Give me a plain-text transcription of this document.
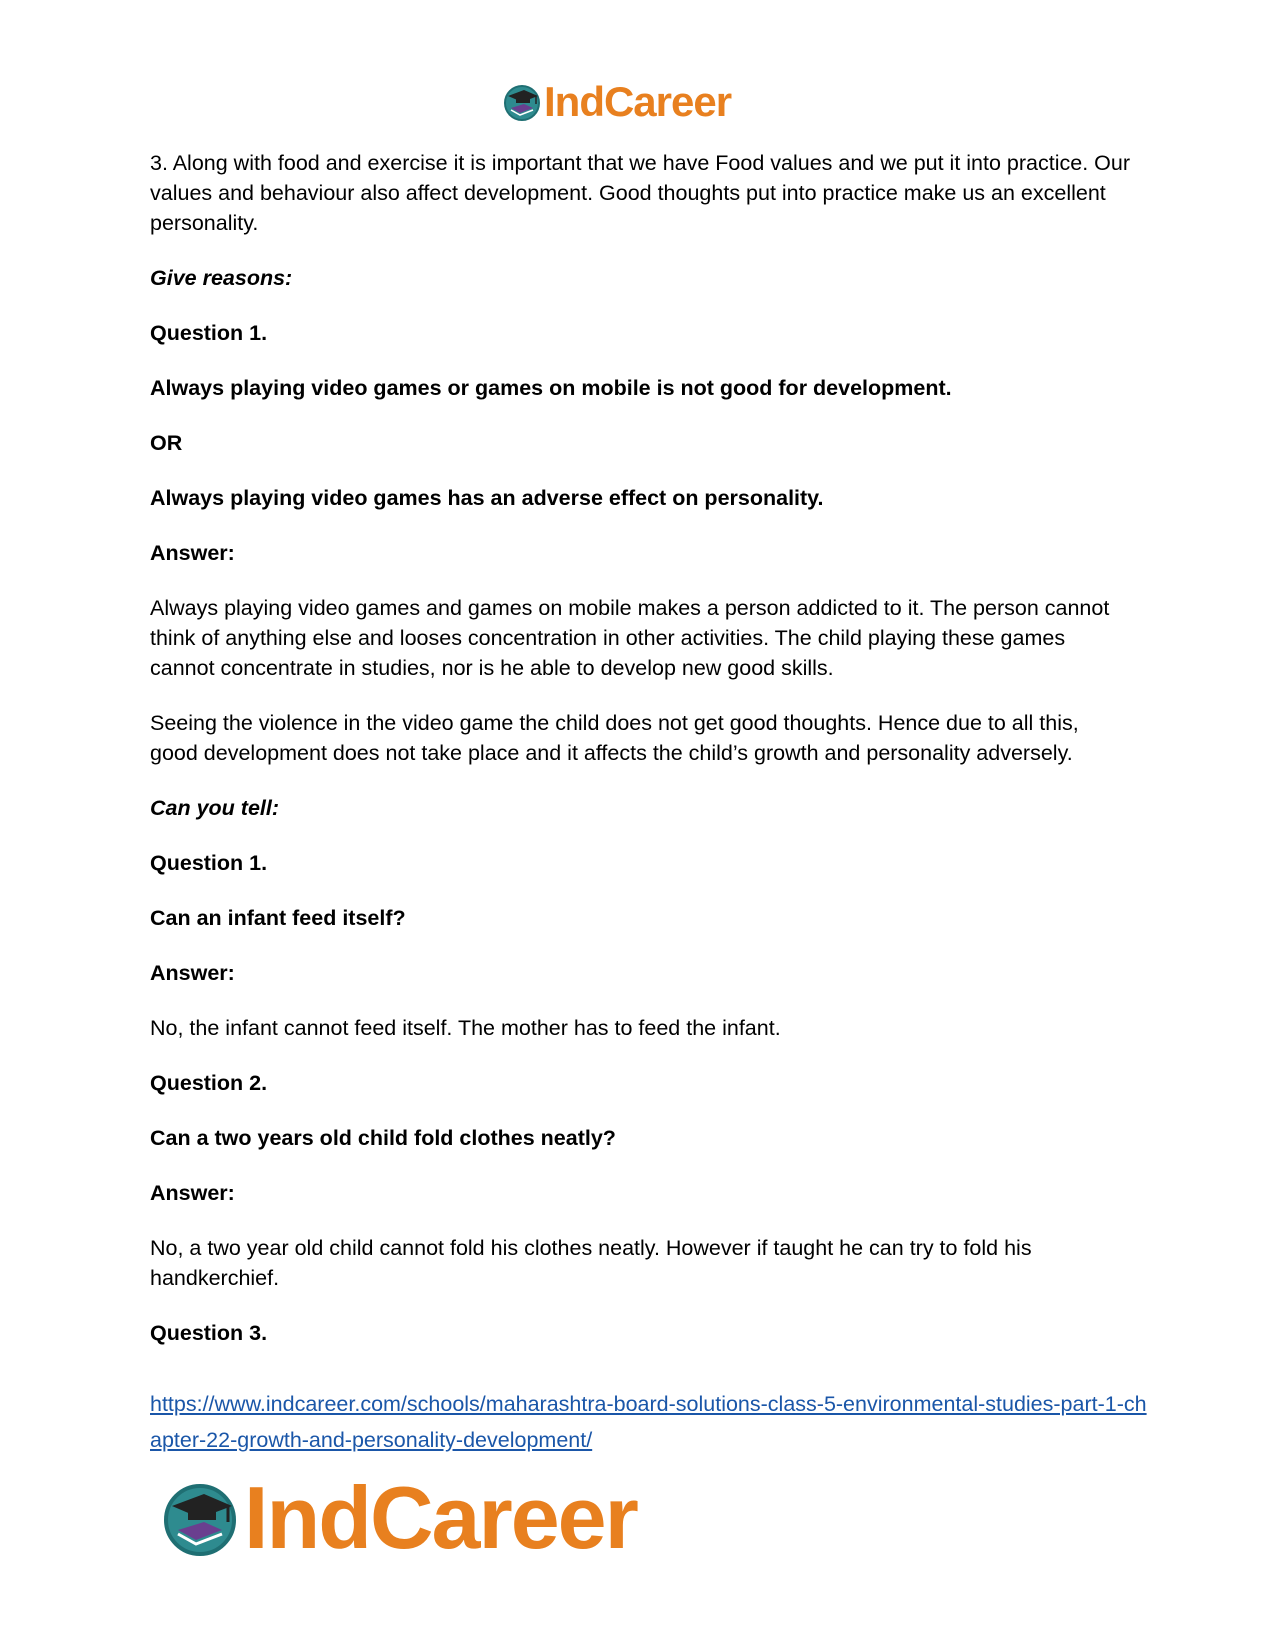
IndCareer

3. Along with food and exercise it is important that we have Food values and we put it into practice. Our values and behaviour also affect development. Good thoughts put into practice make us an excellent personality.

Give reasons:

Question 1.

Always playing video games or games on mobile is not good for development.

OR

Always playing video games has an adverse effect on personality.

Answer:

Always playing video games and games on mobile makes a person addicted to it. The person cannot think of anything else and looses concentration in other activities. The child playing these games cannot concentrate in studies, nor is he able to develop new good skills.

Seeing the violence in the video game the child does not get good thoughts. Hence due to all this, good development does not take place and it affects the child’s growth and personality adversely.

Can you tell:

Question 1.

Can an infant feed itself?

Answer:

No, the infant cannot feed itself. The mother has to feed the infant.

Question 2.

Can a two years old child fold clothes neatly?

Answer:

No, a two year old child cannot fold his clothes neatly. However if taught he can try to fold his handkerchief.

Question 3.

https://www.indcareer.com/schools/maharashtra-board-solutions-class-5-environmental-studies-part-1-chapter-22-growth-and-personality-development/
IndCareer
